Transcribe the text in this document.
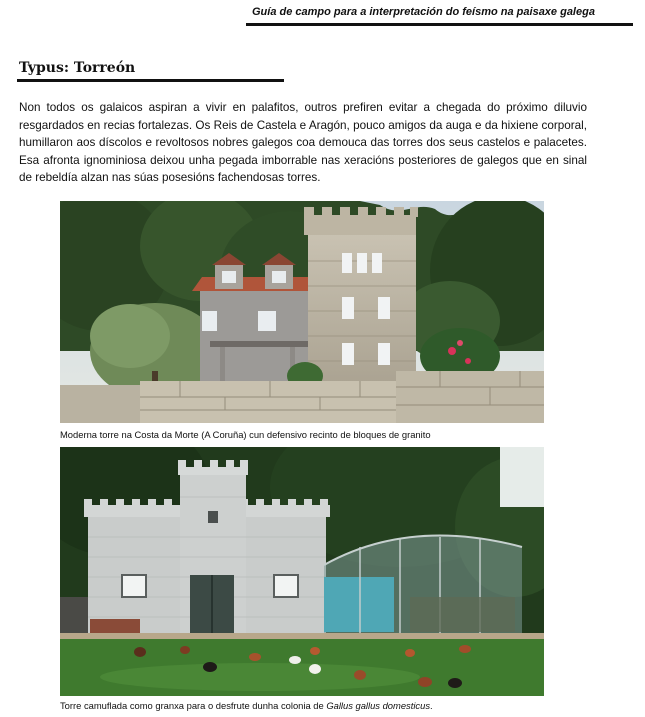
Guía de campo para a interpretación do feísmo na paisaxe galega
Typus: Torreón

Non todos os galaicos aspiran a vivir en palafitos, outros prefiren evitar a chegada do próximo diluvio resgardados en recias fortalezas. Os Reis de Castela e Aragón, pouco amigos da auga e da hixiene corporal, humillaron aos díscolos e revoltosos nobres galegos coa demouca das torres dos seus castelos e palacetes. Esa afronta ignominiosa deixou unha pegada imborrable nas xeracións posteriores de galegos que en sinal de rebeldía alzan nas súas posesións fachendosas torres.

Moderna torre na Costa da Morte (A Coruña) cun defensivo recinto de bloques de granito
Torre camuflada como granxa para o desfrute dunha colonia de Gallus gallus domesticus.
